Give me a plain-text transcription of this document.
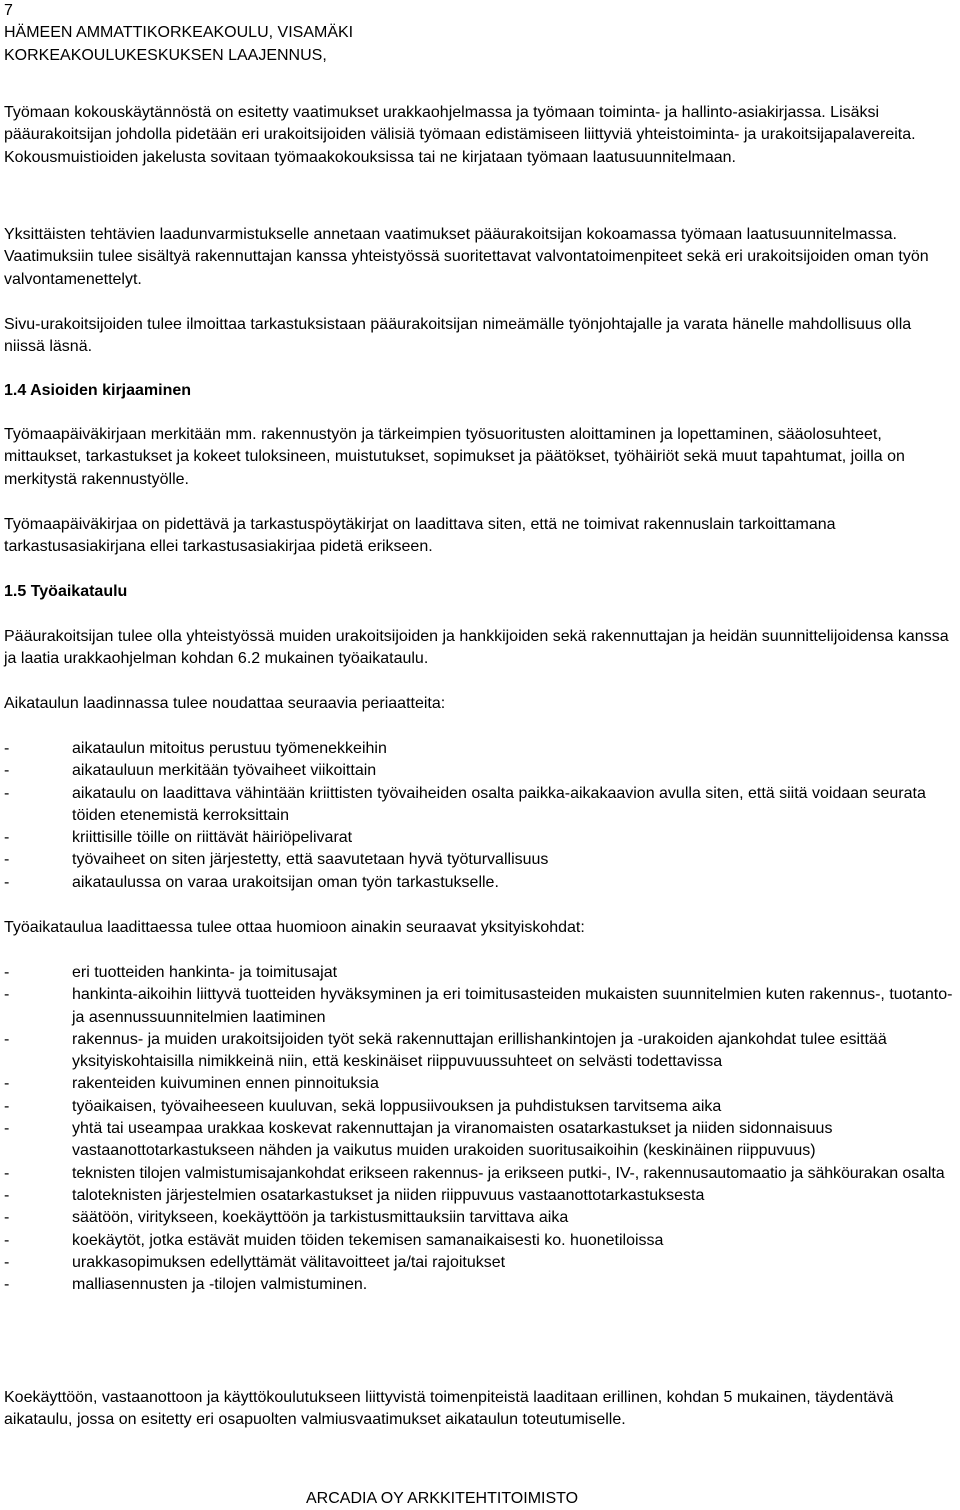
7
HÄMEEN AMMATTIKORKEAKOULU, VISAMÄKI
KORKEAKOULUKESKUKSEN LAAJENNUS,

Työmaan kokouskäytännöstä on esitetty vaatimukset urakkaohjelmassa ja työmaan toiminta- ja hallinto-asiakirjassa. Lisäksi pääurakoitsijan johdolla pidetään eri urakoitsijoiden välisiä työmaan edistämiseen liittyviä yhteistoiminta- ja urakoitsijapalavereita. Kokousmuistioiden jakelusta sovitaan työmaakokouksissa tai ne kirjataan työmaan laatusuunnitelmaan.

Yksittäisten tehtävien laadunvarmistukselle annetaan vaatimukset pääurakoitsijan kokoamassa työmaan laatusuunnitelmassa. Vaatimuksiin tulee sisältyä rakennuttajan kanssa yhteistyössä suoritettavat valvontatoimenpiteet sekä eri urakoitsijoiden oman työn valvontamenettelyt.

Sivu-urakoitsijoiden tulee ilmoittaa tarkastuksistaan pääurakoitsijan nimeämälle työnjohtajalle ja varata hänelle mahdollisuus olla niissä läsnä.

1.4 Asioiden kirjaaminen

Työmaapäiväkirjaan merkitään mm. rakennustyön ja tärkeimpien työsuoritusten aloittaminen ja lopettaminen, sääolosuhteet, mittaukset, tarkastukset ja kokeet tuloksineen, muistutukset, sopimukset ja päätökset, työhäiriöt sekä muut tapahtumat, joilla on merkitystä rakennustyölle.

Työmaapäiväkirjaa on pidettävä ja tarkastuspöytäkirjat on laadittava siten, että ne toimivat rakennuslain tarkoittamana tarkastusasiakirjana ellei tarkastusasiakirjaa pidetä erikseen.

1.5 Työaikataulu

Pääurakoitsijan tulee olla yhteistyössä muiden urakoitsijoiden ja hankkijoiden sekä rakennuttajan ja heidän suunnittelijoidensa kanssa ja laatia urakkaohjelman kohdan 6.2 mukainen työaikataulu.

Aikataulun laadinnassa tulee noudattaa seuraavia periaatteita:

-	aikataulun mitoitus perustuu työmenekkeihin
-	aikatauluun merkitään työvaiheet viikoittain
-	aikataulu on laadittava vähintään kriittisten työvaiheiden osalta paikka-aikakaavion avulla siten, että siitä voidaan seurata töiden etenemistä kerroksittain
-	kriittisille töille on riittävät häiriöpelivarat
-	työvaiheet on siten järjestetty, että saavutetaan hyvä työturvallisuus
-	aikataulussa on varaa urakoitsijan oman työn tarkastukselle.

Työaikataulua laadittaessa tulee ottaa huomioon ainakin seuraavat yksityiskohdat:

-	eri tuotteiden hankinta- ja toimitusajat
-	hankinta-aikoihin liittyvä tuotteiden hyväksyminen ja eri toimitusasteiden mukaisten suunnitelmien kuten rakennus-, tuotanto-ja asennussuunnitelmien laatiminen
-	rakennus- ja muiden urakoitsijoiden työt sekä rakennuttajan erillishankintojen ja -urakoiden ajankohdat tulee esittää yksityiskohtaisilla nimikkeinä niin, että keskinäiset riippuvuussuhteet on selvästi todettavissa
-	rakenteiden kuivuminen ennen pinnoituksia
-	työaikaisen, työvaiheeseen kuuluvan, sekä loppusiivouksen ja puhdistuksen tarvitsema aika
-	yhtä tai useampaa urakkaa koskevat rakennuttajan ja viranomaisten osatarkastukset ja niiden sidonnaisuus vastaanottotarkastukseen nähden ja vaikutus muiden urakoiden suoritusaikoihin (keskinäinen riippuvuus)
-	teknisten tilojen valmistumisajankohdat erikseen rakennus- ja erikseen putki-, IV-, rakennusautomaatio ja sähköurakan osalta
-	taloteknisten järjestelmien osatarkastukset ja niiden riippuvuus vastaanottotarkastuksesta
-	säätöön, viritykseen, koekäyttöön ja tarkistusmittauksiin tarvittava aika
-	koekäytöt, jotka estävät muiden töiden tekemisen samanaikaisesti ko. huonetiloissa
-	urakkasopimuksen edellyttämät välitavoitteet ja/tai rajoitukset
-	malliasennusten ja -tilojen valmistuminen.

Koekäyttöön, vastaanottoon ja käyttökoulutukseen liittyvistä toimenpiteistä laaditaan erillinen, kohdan 5 mukainen, täydentävä aikataulu, jossa on esitetty eri osapuolten valmiusvaatimukset aikataulun toteutumiselle.

ARCADIA OY ARKKITEHTITOIMISTO
